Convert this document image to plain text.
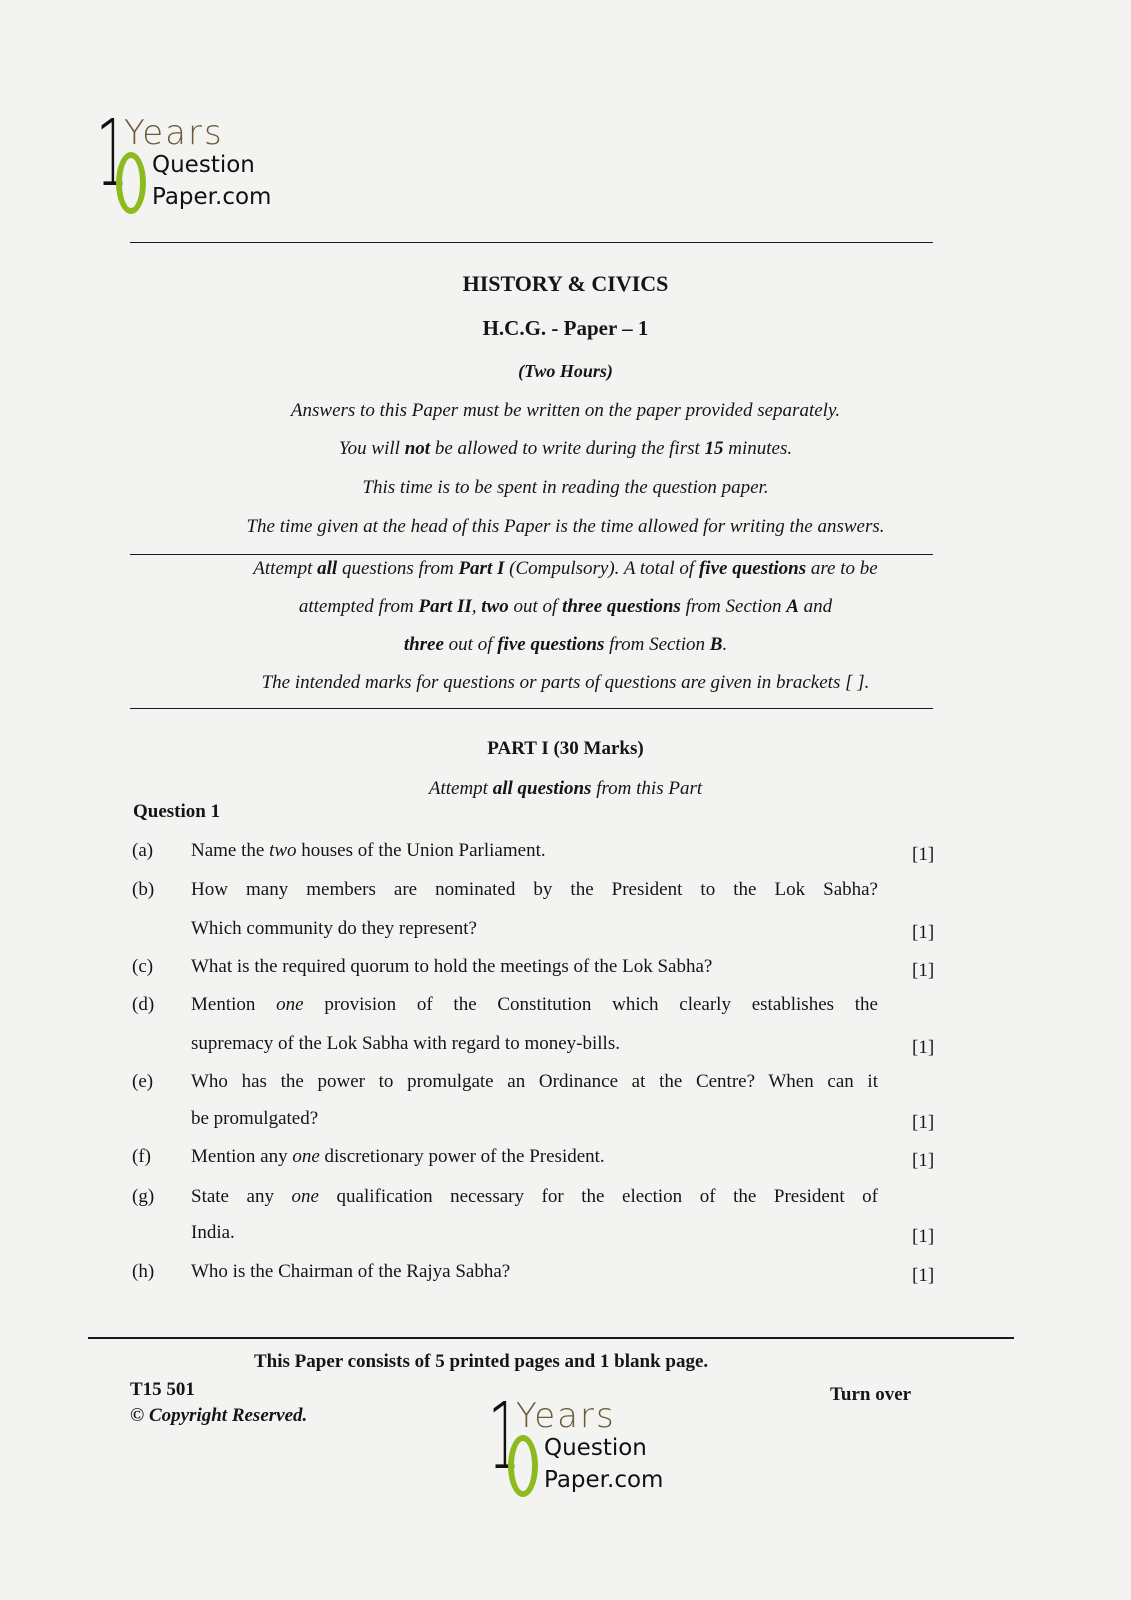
1
Years
Question
Paper.com
HISTORY & CIVICS
H.C.G. - Paper – 1
(Two Hours)
Answers to this Paper must be written on the paper provided separately.
You will not be allowed to write during the first 15 minutes.
This time is to be spent in reading the question paper.
The time given at the head of this Paper is the time allowed for writing the answers.
Attempt all questions from Part I (Compulsory). A total of five questions are to be
attempted from Part II, two out of three questions from Section A and
three out of five questions from Section B.
The intended marks for questions or parts of questions are given in brackets [ ].
PART I (30 Marks)
Attempt all questions from this Part
Question 1
(a) Name the two houses of the Union Parliament.	[1]
(b) How many members are nominated by the President to the Lok Sabha?
Which community do they represent?	[1]
(c) What is the required quorum to hold the meetings of the Lok Sabha?	[1]
(d) Mention one provision of the Constitution which clearly establishes the
supremacy of the Lok Sabha with regard to money-bills.	[1]
(e) Who has the power to promulgate an Ordinance at the Centre? When can it
be promulgated?	[1]
(f) Mention any one discretionary power of the President.	[1]
(g) State any one qualification necessary for the election of the President of
India.	[1]
(h) Who is the Chairman of the Rajya Sabha?	[1]
This Paper consists of 5 printed pages and 1 blank page.
T15 501
© Copyright Reserved.
Turn over
1
Years
Question
Paper.com
